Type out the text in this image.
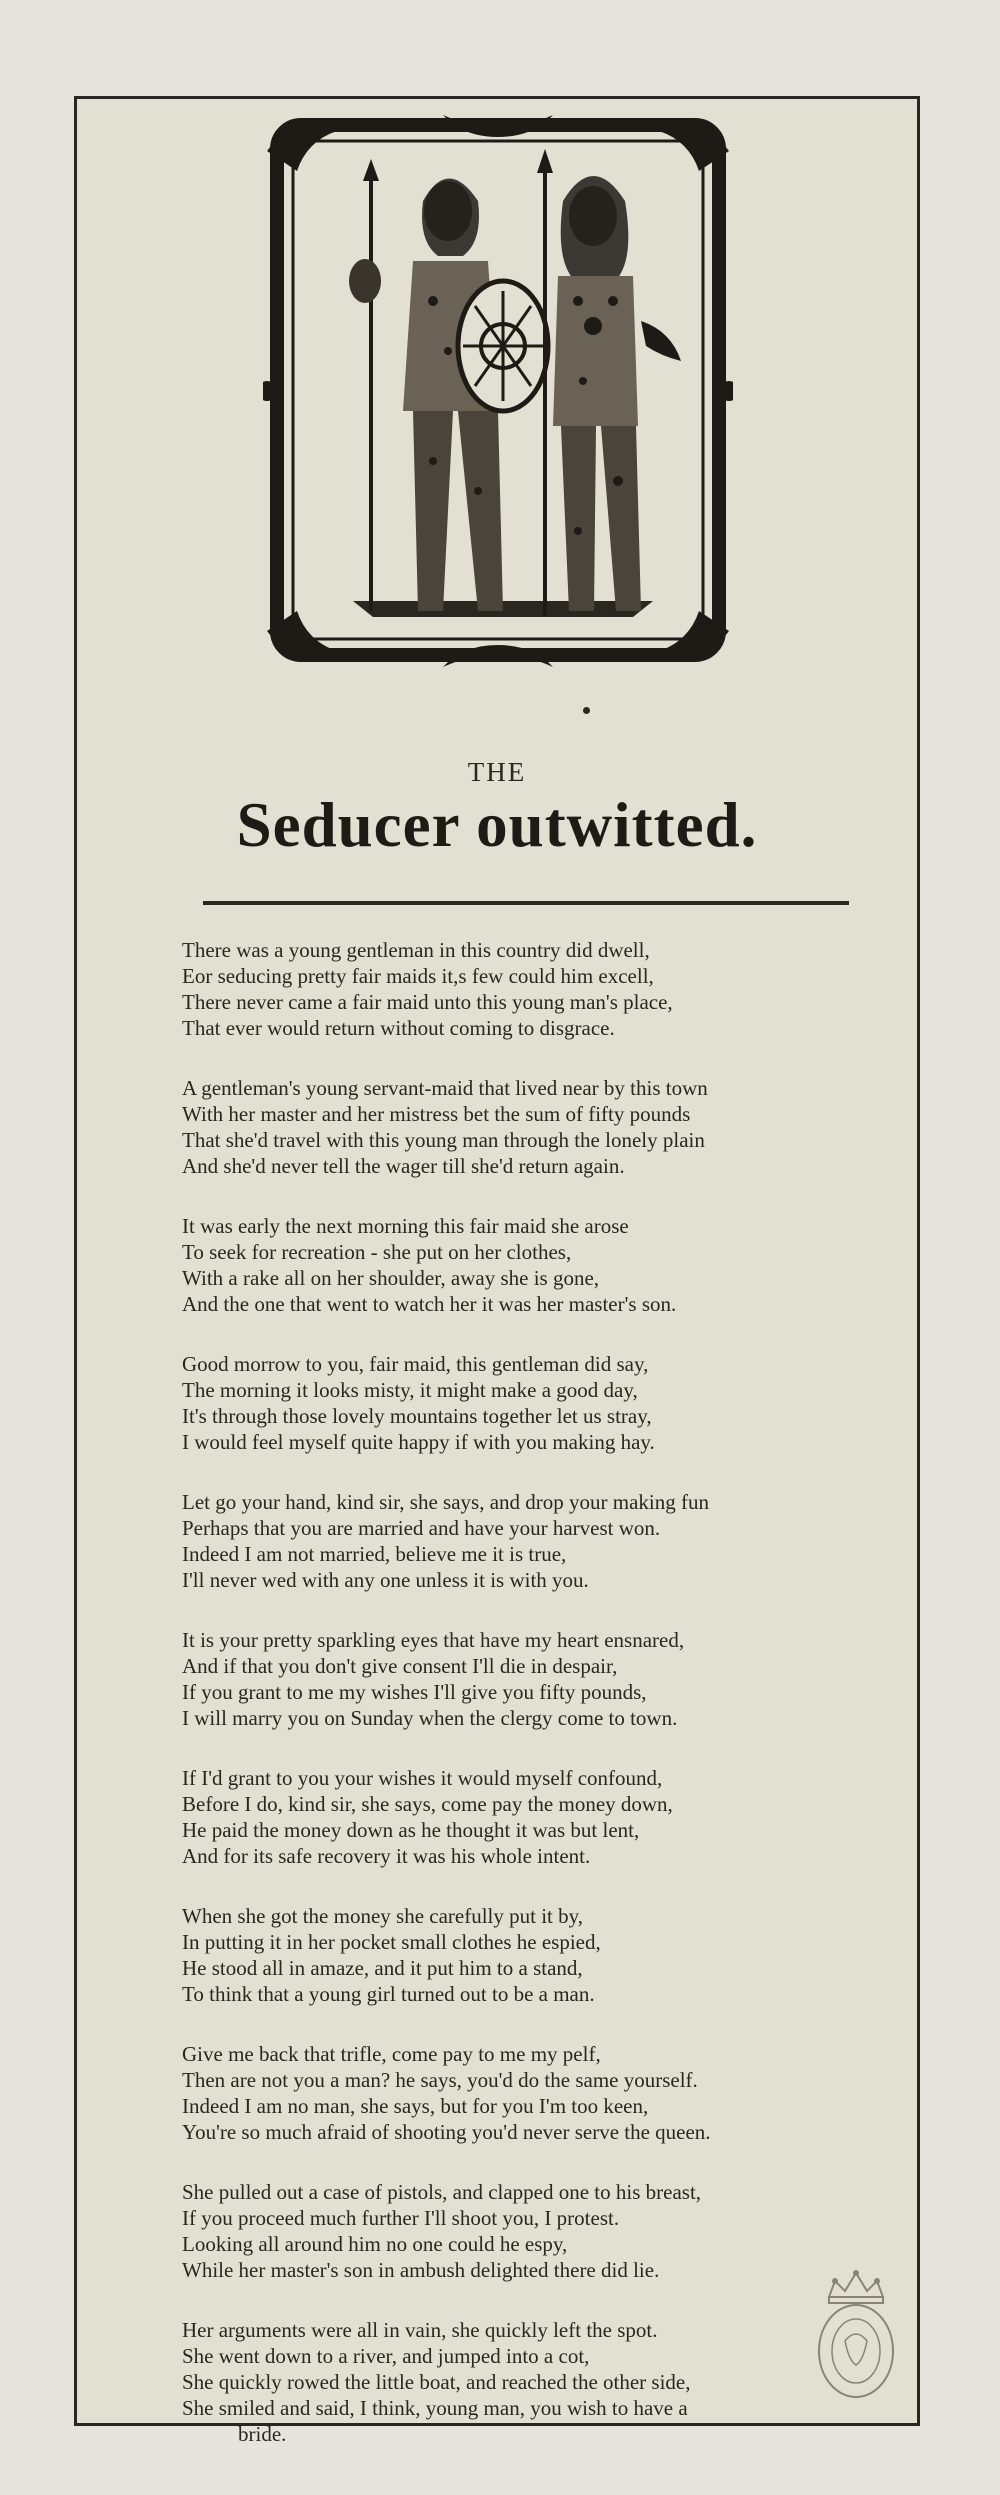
THE
Seducer outwitted.
There was a young gentleman in this country did dwell,
Eor seducing pretty fair maids it,s few could him excell,
There never came a fair maid unto this young man's place,
That ever would return without coming to disgrace.
A gentleman's young servant-maid that lived near by this town
With her master and her mistress bet the sum of fifty pounds
That she'd travel with this young man through the lonely plain
And she'd never tell the wager till she'd return again.
It was early the next morning this fair maid she arose
To seek for recreation - she put on her clothes,
With a rake all on her shoulder, away she is gone,
And the one that went to watch her it was her master's son.
Good morrow to you, fair maid, this gentleman did say,
The morning it looks misty, it might make a good day,
It's through those lovely mountains together let us stray,
I would feel myself quite happy if with you making hay.
Let go your hand, kind sir, she says, and drop your making fun
Perhaps that you are married and have your harvest won.
Indeed I am not married, believe me it is true,
I'll never wed with any one unless it is with you.
It is your pretty sparkling eyes that have my heart ensnared,
And if that you don't give consent I'll die in despair,
If you grant to me my wishes I'll give you fifty pounds,
I will marry you on Sunday when the clergy come to town.
If I'd grant to you your wishes it would myself confound,
Before I do, kind sir, she says, come pay the money down,
He paid the money down as he thought it was but lent,
And for its safe recovery it was his whole intent.
When she got the money she carefully put it by,
In putting it in her pocket small clothes he espied,
He stood all in amaze, and it put him to a stand,
To think that a young girl turned out to be a man.
Give me back that trifle, come pay to me my pelf,
Then are not you a man? he says, you'd do the same yourself.
Indeed I am no man, she says, but for you I'm too keen,
You're so much afraid of shooting you'd never serve the queen.
She pulled out a case of pistols, and clapped one to his breast,
If you proceed much further I'll shoot you, I protest.
Looking all around him no one could he espy,
While her master's son in ambush delighted there did lie.
Her arguments were all in vain, she quickly left the spot.
She went down to a river, and jumped into a cot,
She quickly rowed the little boat, and reached the other side,
She smiled and said, I think, young man, you wish to have a
bride.
